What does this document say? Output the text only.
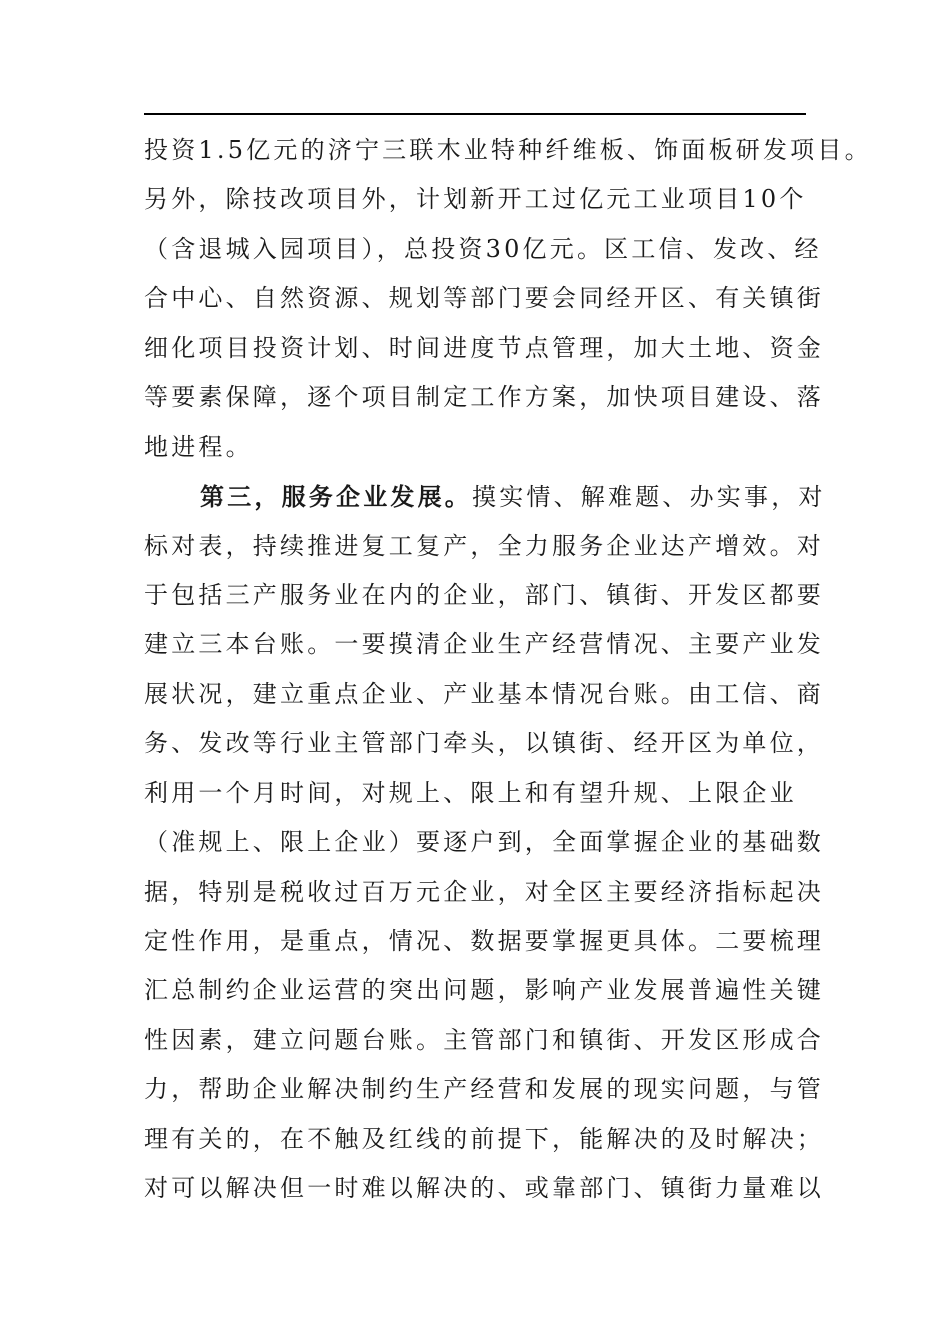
投资1.5亿元的济宁三联木业特种纤维板、饰面板研发项目。
另外，除技改项目外，计划新开工过亿元工业项目10个
（含退城入园项目），总投资30亿元。区工信、发改、经
合中心、自然资源、规划等部门要会同经开区、有关镇街
细化项目投资计划、时间进度节点管理，加大土地、资金
等要素保障，逐个项目制定工作方案，加快项目建设、落
地进程。
第三，服务企业发展。摸实情、解难题、办实事，对
标对表，持续推进复工复产，全力服务企业达产增效。对
于包括三产服务业在内的企业，部门、镇街、开发区都要
建立三本台账。一要摸清企业生产经营情况、主要产业发
展状况，建立重点企业、产业基本情况台账。由工信、商
务、发改等行业主管部门牵头，以镇街、经开区为单位，
利用一个月时间，对规上、限上和有望升规、上限企业
（准规上、限上企业）要逐户到，全面掌握企业的基础数
据，特别是税收过百万元企业，对全区主要经济指标起决
定性作用，是重点，情况、数据要掌握更具体。二要梳理
汇总制约企业运营的突出问题，影响产业发展普遍性关键
性因素，建立问题台账。主管部门和镇街、开发区形成合
力，帮助企业解决制约生产经营和发展的现实问题，与管
理有关的，在不触及红线的前提下，能解决的及时解决；
对可以解决但一时难以解决的、或靠部门、镇街力量难以
